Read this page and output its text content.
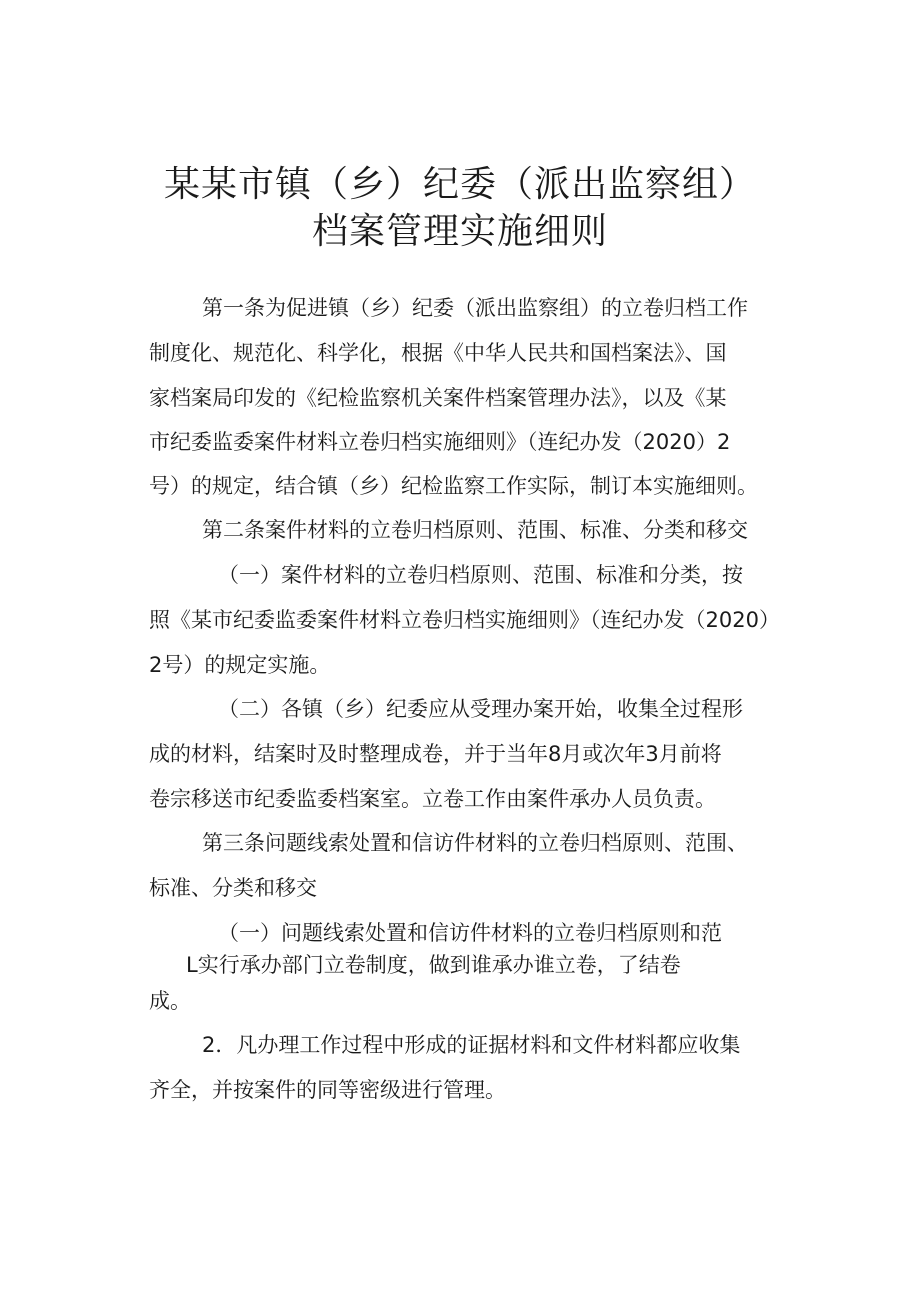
某某市镇（乡）纪委（派出监察组）
档案管理实施细则

第一条为促进镇（乡）纪委（派出监察组）的立卷归档工作

制度化、规范化、科学化，根据《中华人民共和国档案法》、国

家档案局印发的《纪检监察机关案件档案管理办法》，以及《某

市纪委监委案件材料立卷归档实施细则》（连纪办发（2020）2

号）的规定，结合镇（乡）纪检监察工作实际，制订本实施细则。

第二条案件材料的立卷归档原则、范围、标准、分类和移交

（一）案件材料的立卷归档原则、范围、标准和分类，按

照《某市纪委监委案件材料立卷归档实施细则》（连纪办发（2020）

2号）的规定实施。

（二）各镇（乡）纪委应从受理办案开始，收集全过程形

成的材料，结案时及时整理成卷，并于当年8月或次年3月前将

卷宗移送市纪委监委档案室。立卷工作由案件承办人员负责。

第三条问题线索处置和信访件材料的立卷归档原则、范围、

标准、分类和移交

（一）问题线索处置和信访件材料的立卷归档原则和范

L实行承办部门立卷制度，做到谁承办谁立卷，了结卷

成。

2．凡办理工作过程中形成的证据材料和文件材料都应收集

齐全，并按案件的同等密级进行管理。
